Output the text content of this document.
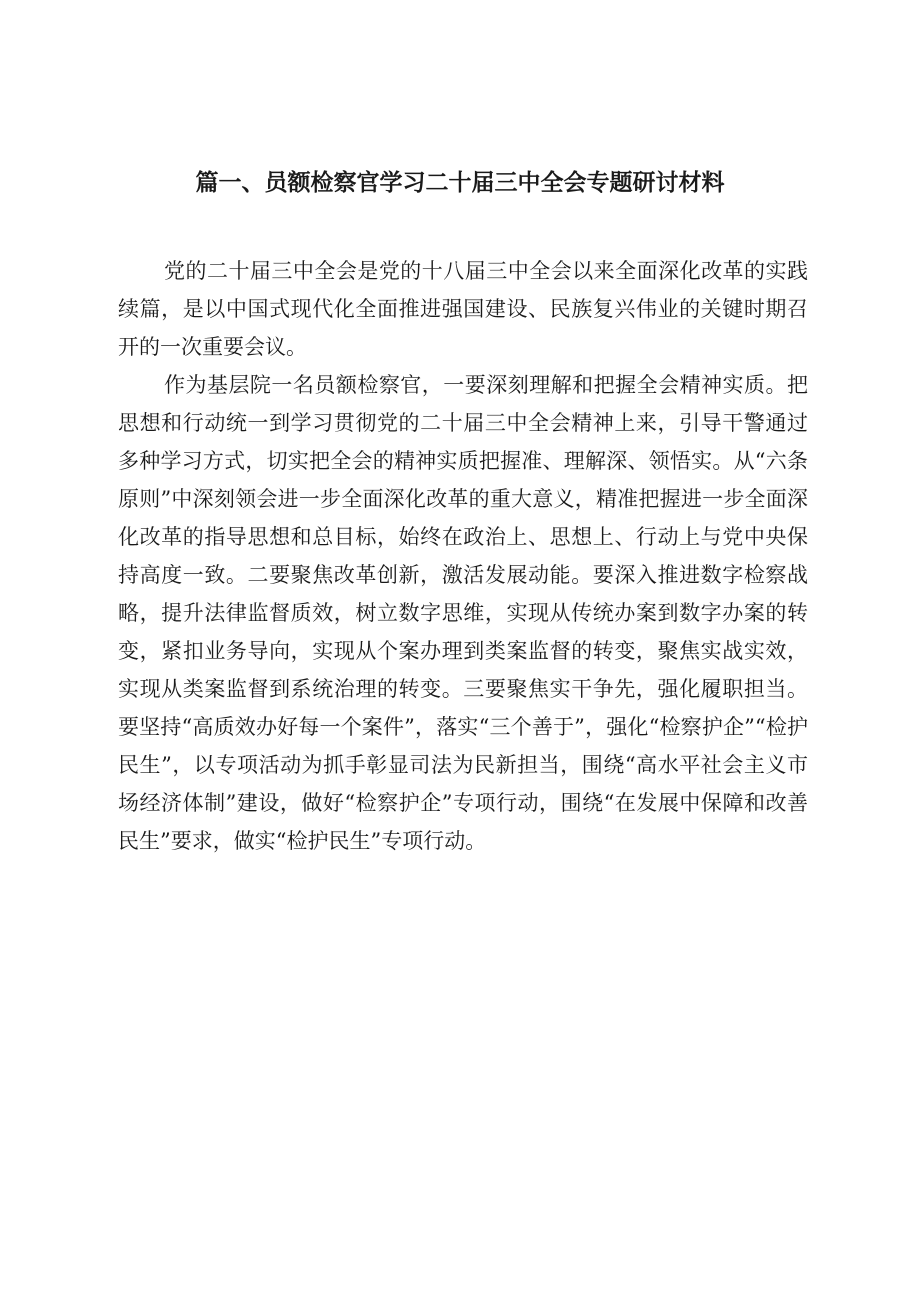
篇一、员额检察官学习二十届三中全会专题研讨材料

党的二十届三中全会是党的十八届三中全会以来全面深化改革的实践续篇，是以中国式现代化全面推进强国建设、民族复兴伟业的关键时期召开的一次重要会议。

作为基层院一名员额检察官，一要深刻理解和把握全会精神实质。把思想和行动统一到学习贯彻党的二十届三中全会精神上来，引导干警通过多种学习方式，切实把全会的精神实质把握准、理解深、领悟实。从“六条原则”中深刻领会进一步全面深化改革的重大意义，精准把握进一步全面深化改革的指导思想和总目标，始终在政治上、思想上、行动上与党中央保持高度一致。二要聚焦改革创新，激活发展动能。要深入推进数字检察战略，提升法律监督质效，树立数字思维，实现从传统办案到数字办案的转变，紧扣业务导向，实现从个案办理到类案监督的转变，聚焦实战实效，实现从类案监督到系统治理的转变。三要聚焦实干争先，强化履职担当。要坚持“高质效办好每一个案件”，落实“三个善于”，强化“检察护企”“检护民生”，以专项活动为抓手彰显司法为民新担当，围绕“高水平社会主义市场经济体制”建设，做好“检察护企”专项行动，围绕“在发展中保障和改善民生”要求，做实“检护民生”专项行动。
